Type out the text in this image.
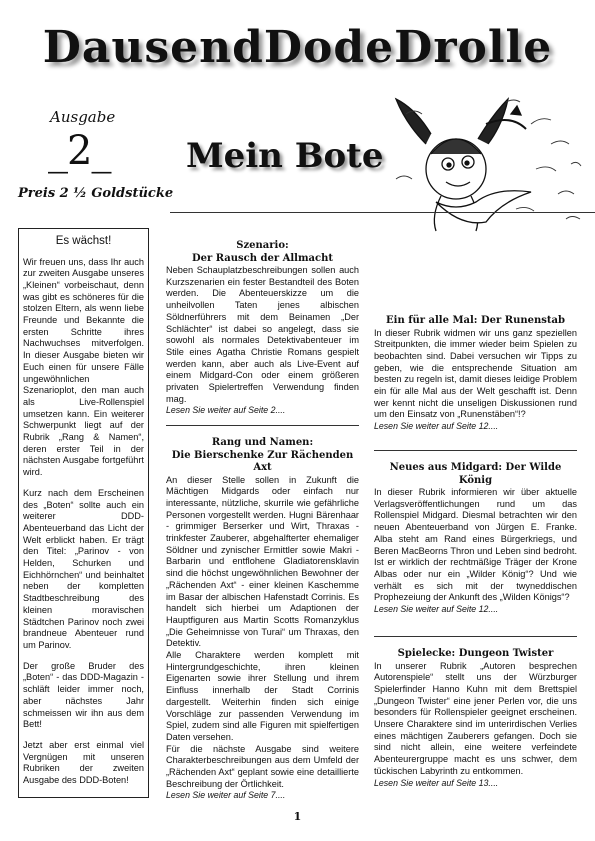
DausendDodeDrolle
Ausgabe
_2_
Preis 2 ½ Goldstücke
Mein Bote
Es wächst!

Wir freuen uns, dass Ihr auch zur zweiten Ausgabe unseres „Kleinen“ vorbeischaut, denn was gibt es schöneres für die stolzen Eltern, als wenn liebe Freunde und Bekannte die ersten Schritte ihres Nachwuchses mitverfolgen. In dieser Ausgabe bieten wir Euch einen für unsere Fälle ungewöhnlichen Szenarioplot, den man auch als Live-Rollenspiel umsetzen kann. Ein weiterer Schwerpunkt liegt auf der Rubrik „Rang & Namen“, deren erster Teil in der nächsten Ausgabe fortgeführt wird.

Kurz nach dem Erscheinen des „Boten“ sollte auch ein weiterer DDD-Abenteuerband das Licht der Welt erblickt haben. Er trägt den Titel: „Parinov - von Helden, Schurken und Eichhörnchen“ und beinhaltet neben der kompletten Stadtbeschreibung des kleinen moravischen Städtchen Parinov noch zwei brandneue Abenteuer rund um Parinov.

Der große Bruder des „Boten“ - das DDD-Magazin - schläft leider immer noch, aber nächstes Jahr schmeissen wir ihn aus dem Bett!

Jetzt aber erst einmal viel Vergnügen mit unseren Rubriken der zweiten Ausgabe des DDD-Boten!

Szenario:
Der Rausch der Allmacht

Neben Schauplatzbeschreibungen sollen auch Kurzszenarien ein fester Bestandteil des Boten werden. Die Abenteuerskizze um die unheilvollen Taten jenes albischen Söldnerführers mit dem Beinamen „Der Schlächter“ ist dabei so angelegt, dass sie sowohl als normales Detektivabenteuer im Stile eines Agatha Christie Romans gespielt werden kann, aber auch als Live-Event auf einem Midgard-Con oder einem größeren privaten Spielertreffen Verwendung finden mag.

Lesen Sie weiter auf Seite 2....
Rang und Namen:
Die Bierschenke Zur Rächenden Axt

An dieser Stelle sollen in Zukunft die Mächtigen Midgards oder einfach nur interessante, nützliche, skurrile wie gefährliche Personen vorgestellt werden. Hugni Bärenhaar - grimmiger Berserker und Wirt, Thraxas - trinkfester Zauberer, abgehalfterter ehemaliger Söldner und zynischer Ermittler sowie Makri - Barbarin und entflohene Gladiatorensklavin sind die höchst ungewöhnlichen Bewohner der „Rächenden Axt“ - einer kleinen Kaschemme im Basar der albischen Hafenstadt Corrinis. Es handelt sich hierbei um Adaptionen der Hauptfiguren aus Martin Scotts Romanzyklus „Die Geheimnisse von Turai“ um Thraxas, den Detektiv.

Alle Charaktere werden komplett mit Hintergrundgeschichte, ihren kleinen Eigenarten sowie ihrer Stellung und ihrem Einfluss innerhalb der Stadt Corrinis dargestellt. Weiterhin finden sich einige Vorschläge zur passenden Verwendung im Spiel, zudem sind alle Figuren mit spielfertigen Daten versehen.

Für die nächste Ausgabe sind weitere Charakterbeschreibungen aus dem Umfeld der „Rächenden Axt“ geplant sowie eine detaillierte Beschreibung der Örtlichkeit.

Lesen Sie weiter auf Seite 7....
Ein für alle Mal: Der Runenstab

In dieser Rubrik widmen wir uns ganz speziellen Streitpunkten, die immer wieder beim Spielen zu beobachten sind. Dabei versuchen wir Tipps zu geben, wie die entsprechende Situation am besten zu regeln ist, damit dieses leidige Problem ein für alle Mal aus der Welt geschafft ist. Denn wer kennt nicht die unseligen Diskussionen rund um den Einsatz von „Runenstäben“!?

Lesen Sie weiter auf Seite 12....
Neues aus Midgard: Der Wilde König

In dieser Rubrik informieren wir über aktuelle Verlagsveröffentlichungen rund um das Rollenspiel Midgard. Diesmal betrachten wir den neuen Abenteuerband von Jürgen E. Franke. Alba steht am Rand eines Bürgerkriegs, und Beren MacBeorns Thron und Leben sind bedroht. Ist er wirklich der rechtmäßige Träger der Krone Albas oder nur ein „Wilder König“? Und wie verhält es sich mit der twyneddischen Prophezeiung der Ankunft des „Wilden Königs“?

Lesen Sie weiter auf Seite 12....
Spielecke: Dungeon Twister

In unserer Rubrik „Autoren besprechen Autorenspiele“ stellt uns der Würzburger Spielerfinder Hanno Kuhn mit dem Brettspiel „Dungeon Twister“ eine jener Perlen vor, die uns besonders für Rollenspieler geeignet erscheinen. Unsere Charaktere sind im unterirdischen Verlies eines mächtigen Zauberers gefangen. Doch sie sind nicht allein, eine weitere verfeindete Abenteurergruppe macht es uns schwer, dem tückischen Labyrinth zu entkommen.

Lesen Sie weiter auf Seite 13....
1
